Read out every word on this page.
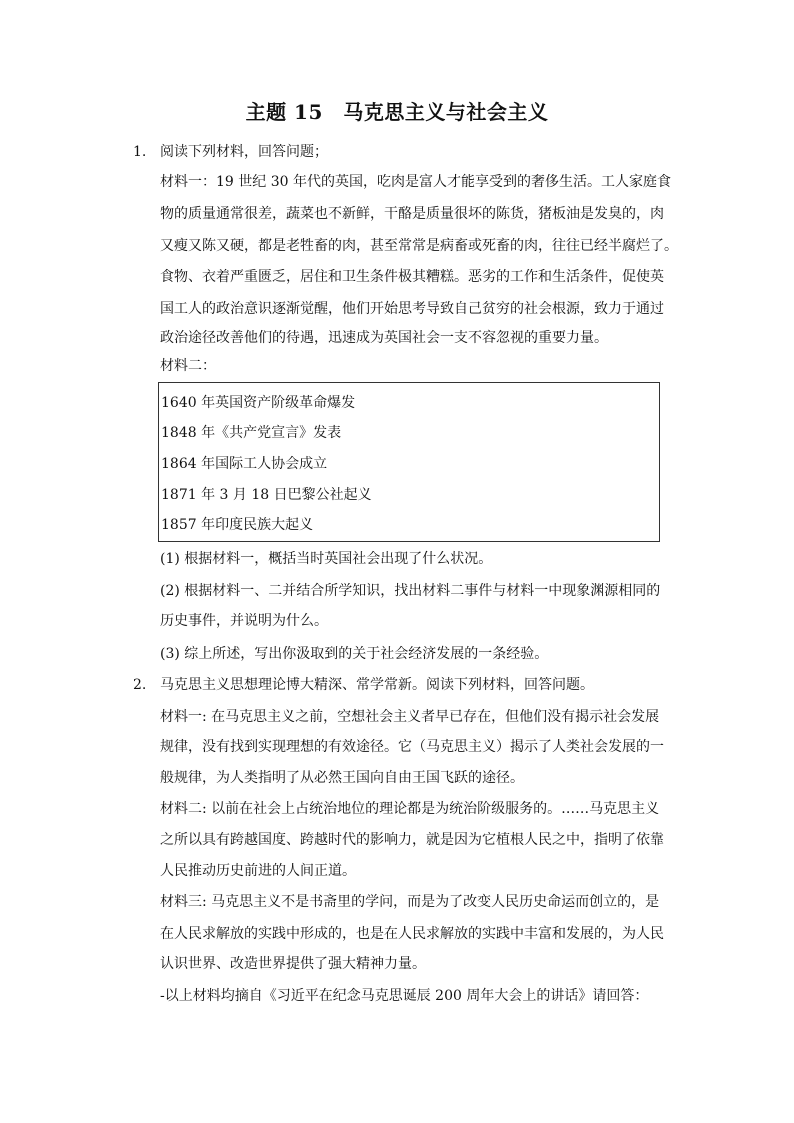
主题 15　马克思主义与社会主义
1. 阅读下列材料，回答问题；
材料一：19 世纪 30 年代的英国，吃肉是富人才能享受到的奢侈生活。工人家庭食
物的质量通常很差，蔬菜也不新鲜，干酪是质量很坏的陈货，猪板油是发臭的，肉
又瘦又陈又硬，都是老牲畜的肉，甚至常常是病畜或死畜的肉，往往已经半腐烂了。
食物、衣着严重匮乏，居住和卫生条件极其糟糕。恶劣的工作和生活条件，促使英
国工人的政治意识逐渐觉醒，他们开始思考导致自己贫穷的社会根源，致力于通过
政治途径改善他们的待遇，迅速成为英国社会一支不容忽视的重要力量。
材料二：
1640 年英国资产阶级革命爆发
1848 年《共产党宣言》发表
1864 年国际工人协会成立
1871 年 3 月 18 日巴黎公社起义
1857 年印度民族大起义
(1) 根据材料一，概括当时英国社会出现了什么状况。
(2) 根据材料一、二并结合所学知识，找出材料二事件与材料一中现象渊源相同的
历史事件，并说明为什么。
(3) 综上所述，写出你汲取到的关于社会经济发展的一条经验。
2. 马克思主义思想理论博大精深、常学常新。阅读下列材料，回答问题。
材料一: 在马克思主义之前，空想社会主义者早已存在，但他们没有揭示社会发展
规律，没有找到实现理想的有效途径。它（马克思主义）揭示了人类社会发展的一
般规律，为人类指明了从必然王国向自由王国飞跃的途径。
材料二: 以前在社会上占统治地位的理论都是为统治阶级服务的。……马克思主义
之所以具有跨越国度、跨越时代的影响力，就是因为它植根人民之中，指明了依靠
人民推动历史前进的人间正道。
材料三: 马克思主义不是书斋里的学问，而是为了改变人民历史命运而创立的，是
在人民求解放的实践中形成的，也是在人民求解放的实践中丰富和发展的，为人民
认识世界、改造世界提供了强大精神力量。
-以上材料均摘自《习近平在纪念马克思诞辰 200 周年大会上的讲话》请回答：
